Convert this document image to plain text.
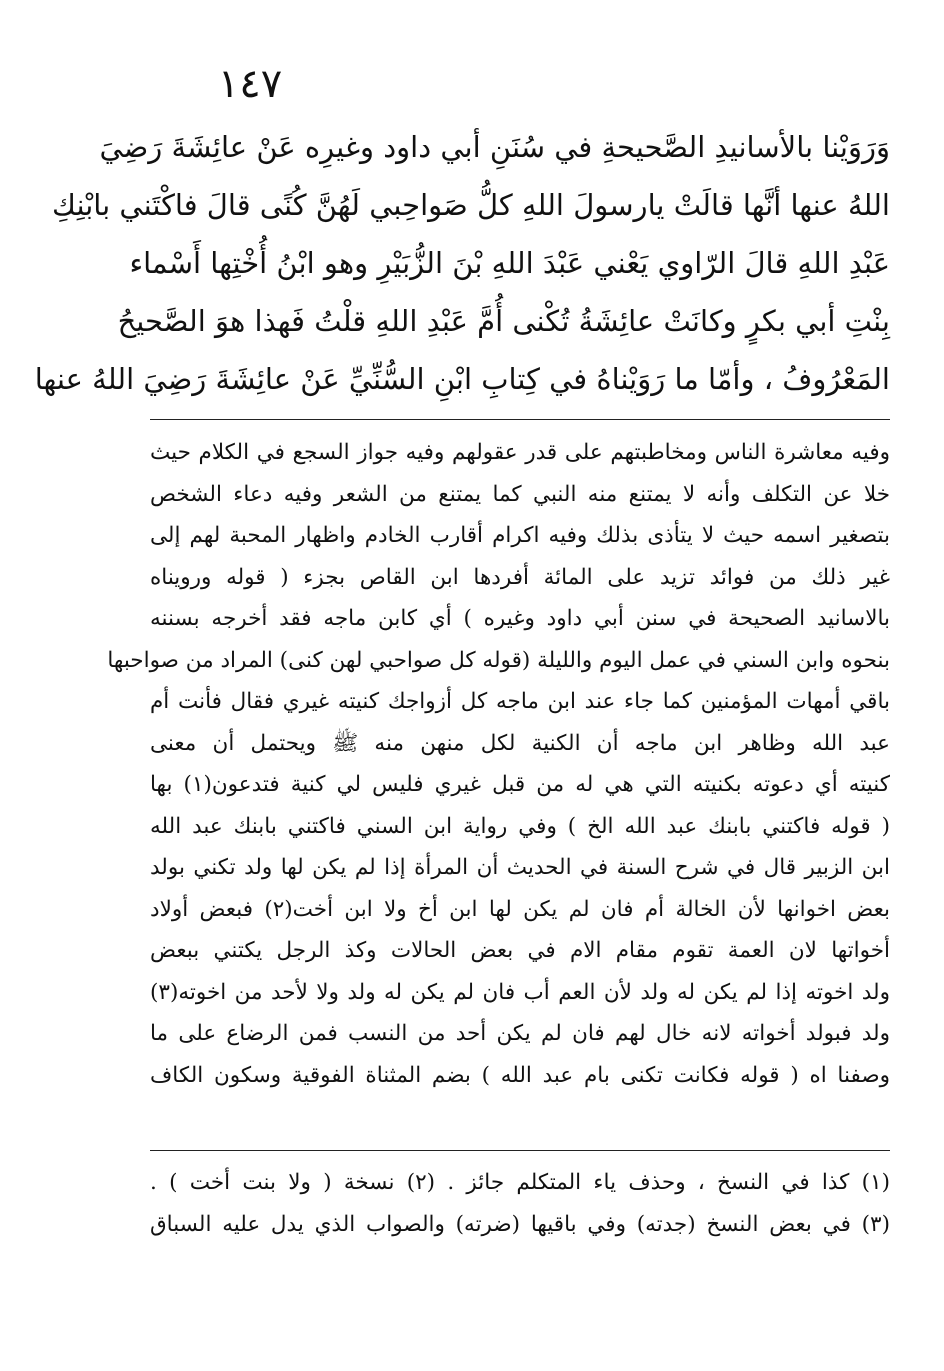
١٤٧
وَرَوَيْنا بالأسانيدِ الصَّحيحةِ في سُنَنِ أبي داود وغيرِه عَنْ عائِشَةَ رَضِيَ
اللهُ عنها أنَّها قالَتْ يارسولَ اللهِ كلُّ صَواحِبي لَهُنَّ كُنًى قالَ فاكْتَني بابْنِكِ
عَبْدِ اللهِ قالَ الرّاوي يَعْني عَبْدَ اللهِ بْنَ الزُّبَيْرِ وهو ابْنُ أُخْتِها أَسْماء
بِنْتِ أبي بكرٍ وكانَتْ عائِشَةُ تُكْنى أُمَّ عَبْدِ اللهِ قلْتُ فَهذا هوَ الصَّحيحُ
المَعْرُوفُ ، وأمّا ما رَوَيْناهُ في كِتابِ ابْنِ السُّنِّيِّ عَنْ عائِشَةَ رَضِيَ اللهُ عنها
وفيه معاشرة الناس ومخاطبتهم على قدر عقولهم وفيه جواز السجع في الكلام حيث
خلا عن التكلف وأنه لا يمتنع منه النبي كما يمتنع من الشعر وفيه دعاء الشخص
بتصغير اسمه حيث لا يتأذى بذلك وفيه اكرام أقارب الخادم واظهار المحبة لهم إلى
غير ذلك من فوائد تزيد على المائة أفردها ابن القاص بجزء ( قوله ورويناه
بالاسانيد الصحيحة في سنن أبي داود وغيره ) أي كابن ماجه فقد أخرجه بسننه
بنحوه وابن السني في عمل اليوم والليلة (قوله كل صواحبي لهن كنى) المراد من صواحبها
باقي أمهات المؤمنين كما جاء عند ابن ماجه كل أزواجك كنيته غيري فقال فأنت أم
عبد الله وظاهر ابن ماجه أن الكنية لكل منهن منه ﷺ ويحتمل أن معنى
كنيته أي دعوته بكنيته التي هي له من قبل غيري فليس لي كنية فتدعون(١) بها
( قوله فاكتني بابنك عبد الله الخ ) وفي رواية ابن السني فاكتني بابنك عبد الله
ابن الزبير قال في شرح السنة في الحديث أن المرأة إذا لم يكن لها ولد تكني بولد
بعض اخوانها لأن الخالة أم فان لم يكن لها ابن أخ ولا ابن أخت(٢) فبعض أولاد
أخواتها لان العمة تقوم مقام الام في بعض الحالات وكذ الرجل يكتني ببعض
ولد اخوته إذا لم يكن له ولد لأن العم أب فان لم يكن له ولد ولا لأحد من اخوته(٣)
ولد فبولد أخواته لانه خال لهم فان لم يكن أحد من النسب فمن الرضاع على ما
وصفنا اه ( قوله فكانت تكنى بام عبد الله ) بضم المثناة الفوقية وسكون الكاف
(١) كذا في النسخ ، وحذف ياء المتكلم جائز . (٢) نسخة ( ولا بنت أخت ) .
(٣) في بعض النسخ (جدته) وفي باقيها (ضرته) والصواب الذي يدل عليه السباق
